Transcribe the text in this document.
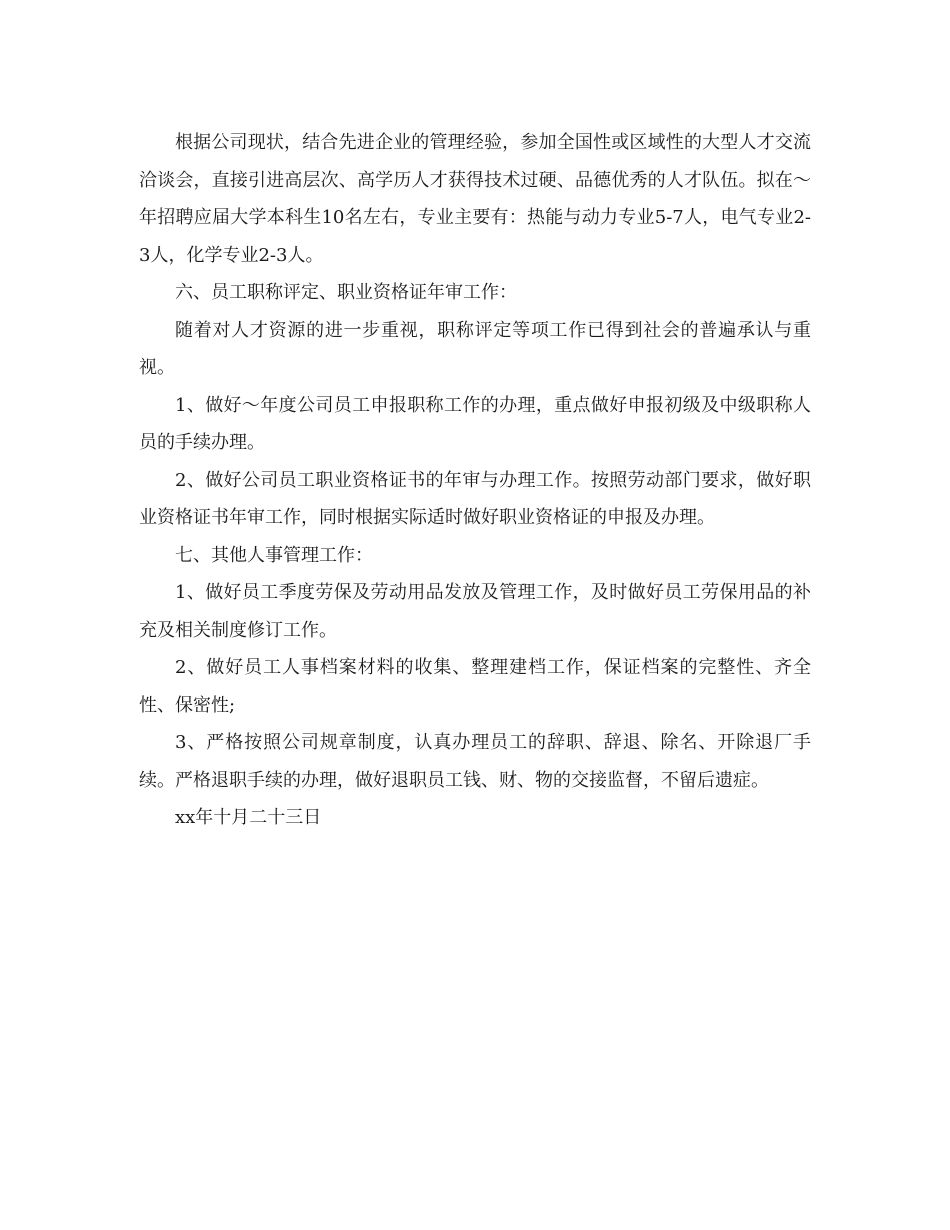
根据公司现状，结合先进企业的管理经验，参加全国性或区域性的大型人才交流洽谈会，直接引进高层次、高学历人才获得技术过硬、品德优秀的人才队伍。拟在～年招聘应届大学本科生10名左右，专业主要有：热能与动力专业5-7人，电气专业2-3人，化学专业2-3人。

六、员工职称评定、职业资格证年审工作：

随着对人才资源的进一步重视，职称评定等项工作已得到社会的普遍承认与重视。

1、做好～年度公司员工申报职称工作的办理，重点做好申报初级及中级职称人员的手续办理。

2、做好公司员工职业资格证书的年审与办理工作。按照劳动部门要求，做好职业资格证书年审工作，同时根据实际适时做好职业资格证的申报及办理。

七、其他人事管理工作：

1、做好员工季度劳保及劳动用品发放及管理工作，及时做好员工劳保用品的补充及相关制度修订工作。

2、做好员工人事档案材料的收集、整理建档工作，保证档案的完整性、齐全性、保密性;

3、严格按照公司规章制度，认真办理员工的辞职、辞退、除名、开除退厂手续。严格退职手续的办理，做好退职员工钱、财、物的交接监督，不留后遗症。

xx年十月二十三日
